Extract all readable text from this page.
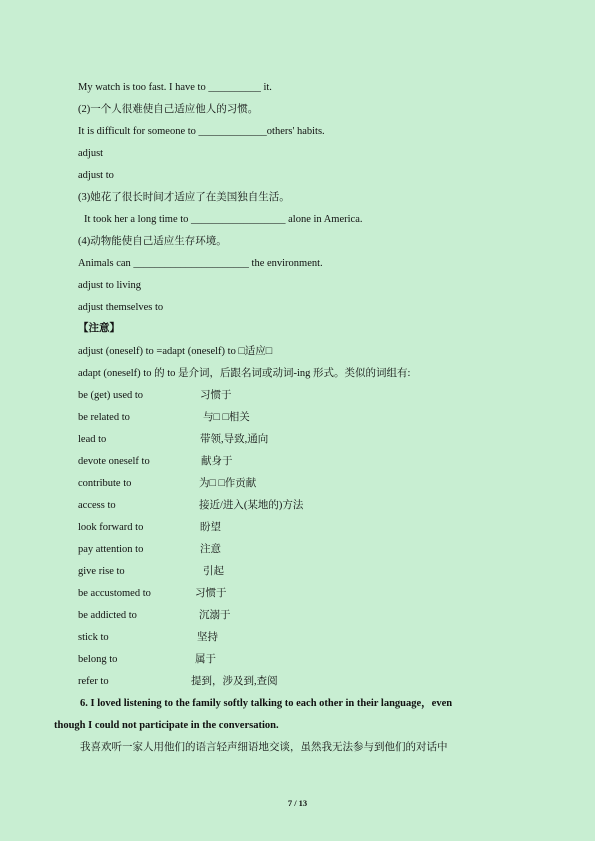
My watch is too fast. I have to __________ it.
(2)一个人很难使自己适应他人的习惯。
It is difficult for someone to _____________others' habits.
adjust
adjust to
(3)她花了很长时间才适应了在美国独自生活。
It took her a long time to __________________ alone in America.
(4)动物能使自己适应生存环境。
Animals can ______________________ the environment.
adjust to living
adjust themselves to
【注意】
adjust (oneself) to =adapt (oneself) to □适应□
adapt (oneself) to 的 to 是介词，后跟名词或动词-ing 形式。类似的词组有:
be (get) used to	习惯于
be related to	与□ □相关
lead to	带领,导致,通向
devote oneself to	献身于
contribute to	为□ □作贡献
access to	接近/进入(某地的)方法
look forward to	盼望
pay attention to	注意
give rise to	引起
be accustomed to	习惯于
be addicted to	沉溺于
stick to	坚持
belong to	属于
refer to	提到，涉及到,查阅
6. I loved listening to the family softly talking to each other in their language，even
though I could not participate in the conversation.
我喜欢听一家人用他们的语言轻声细语地交谈，虽然我无法参与到他们的对话中
7 / 13
